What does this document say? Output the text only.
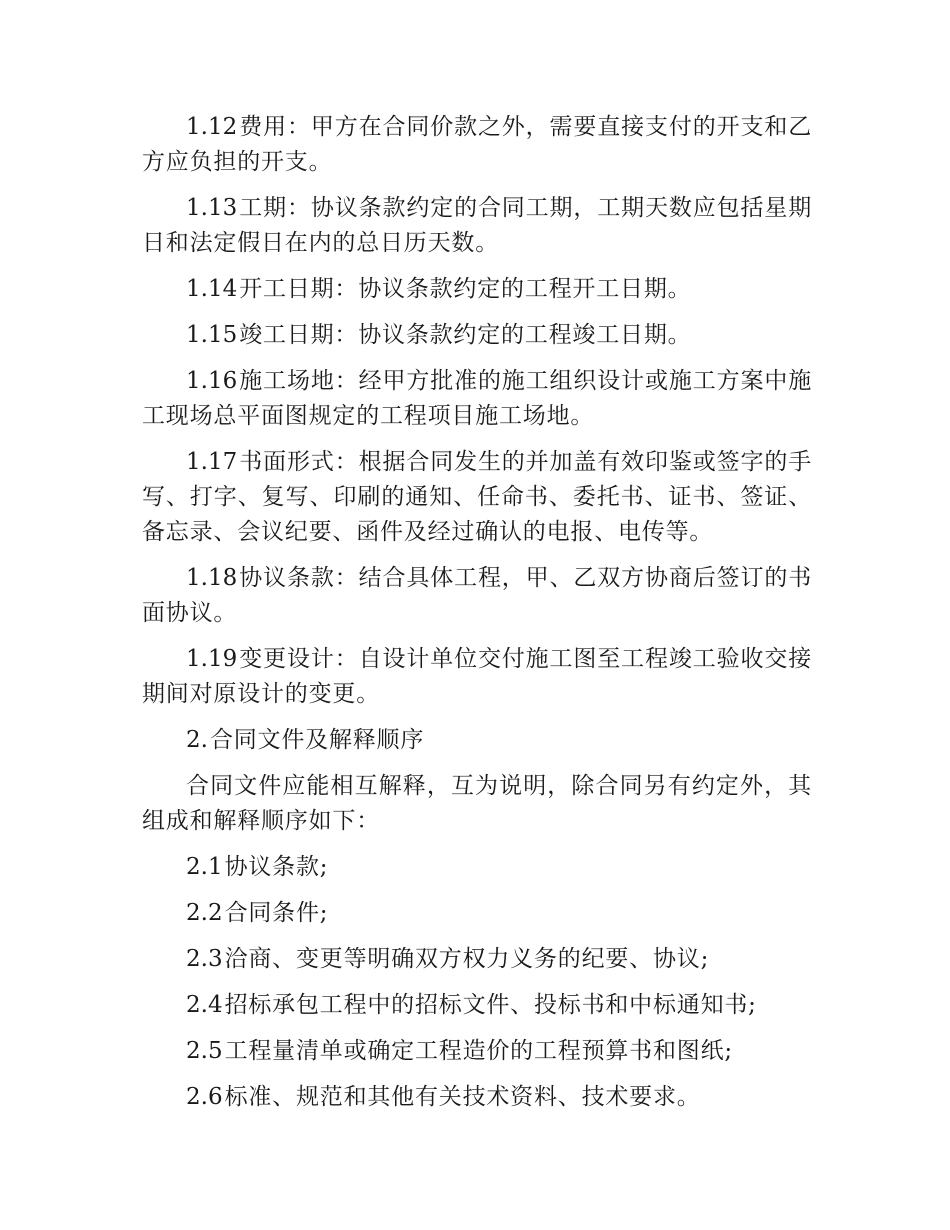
1.12费用：甲方在合同价款之外，需要直接支付的开支和乙方应负担的开支。

1.13工期：协议条款约定的合同工期，工期天数应包括星期日和法定假日在内的总日历天数。

1.14开工日期：协议条款约定的工程开工日期。

1.15竣工日期：协议条款约定的工程竣工日期。

1.16施工场地：经甲方批准的施工组织设计或施工方案中施工现场总平面图规定的工程项目施工场地。

1.17书面形式：根据合同发生的并加盖有效印鉴或签字的手写、打字、复写、印刷的通知、任命书、委托书、证书、签证、备忘录、会议纪要、函件及经过确认的电报、电传等。

1.18协议条款：结合具体工程，甲、乙双方协商后签订的书面协议。

1.19变更设计：自设计单位交付施工图至工程竣工验收交接期间对原设计的变更。

2.合同文件及解释顺序

合同文件应能相互解释，互为说明，除合同另有约定外，其组成和解释顺序如下：

2.1协议条款;

2.2合同条件;

2.3洽商、变更等明确双方权力义务的纪要、协议;

2.4招标承包工程中的招标文件、投标书和中标通知书;

2.5工程量清单或确定工程造价的工程预算书和图纸;

2.6标准、规范和其他有关技术资料、技术要求。
